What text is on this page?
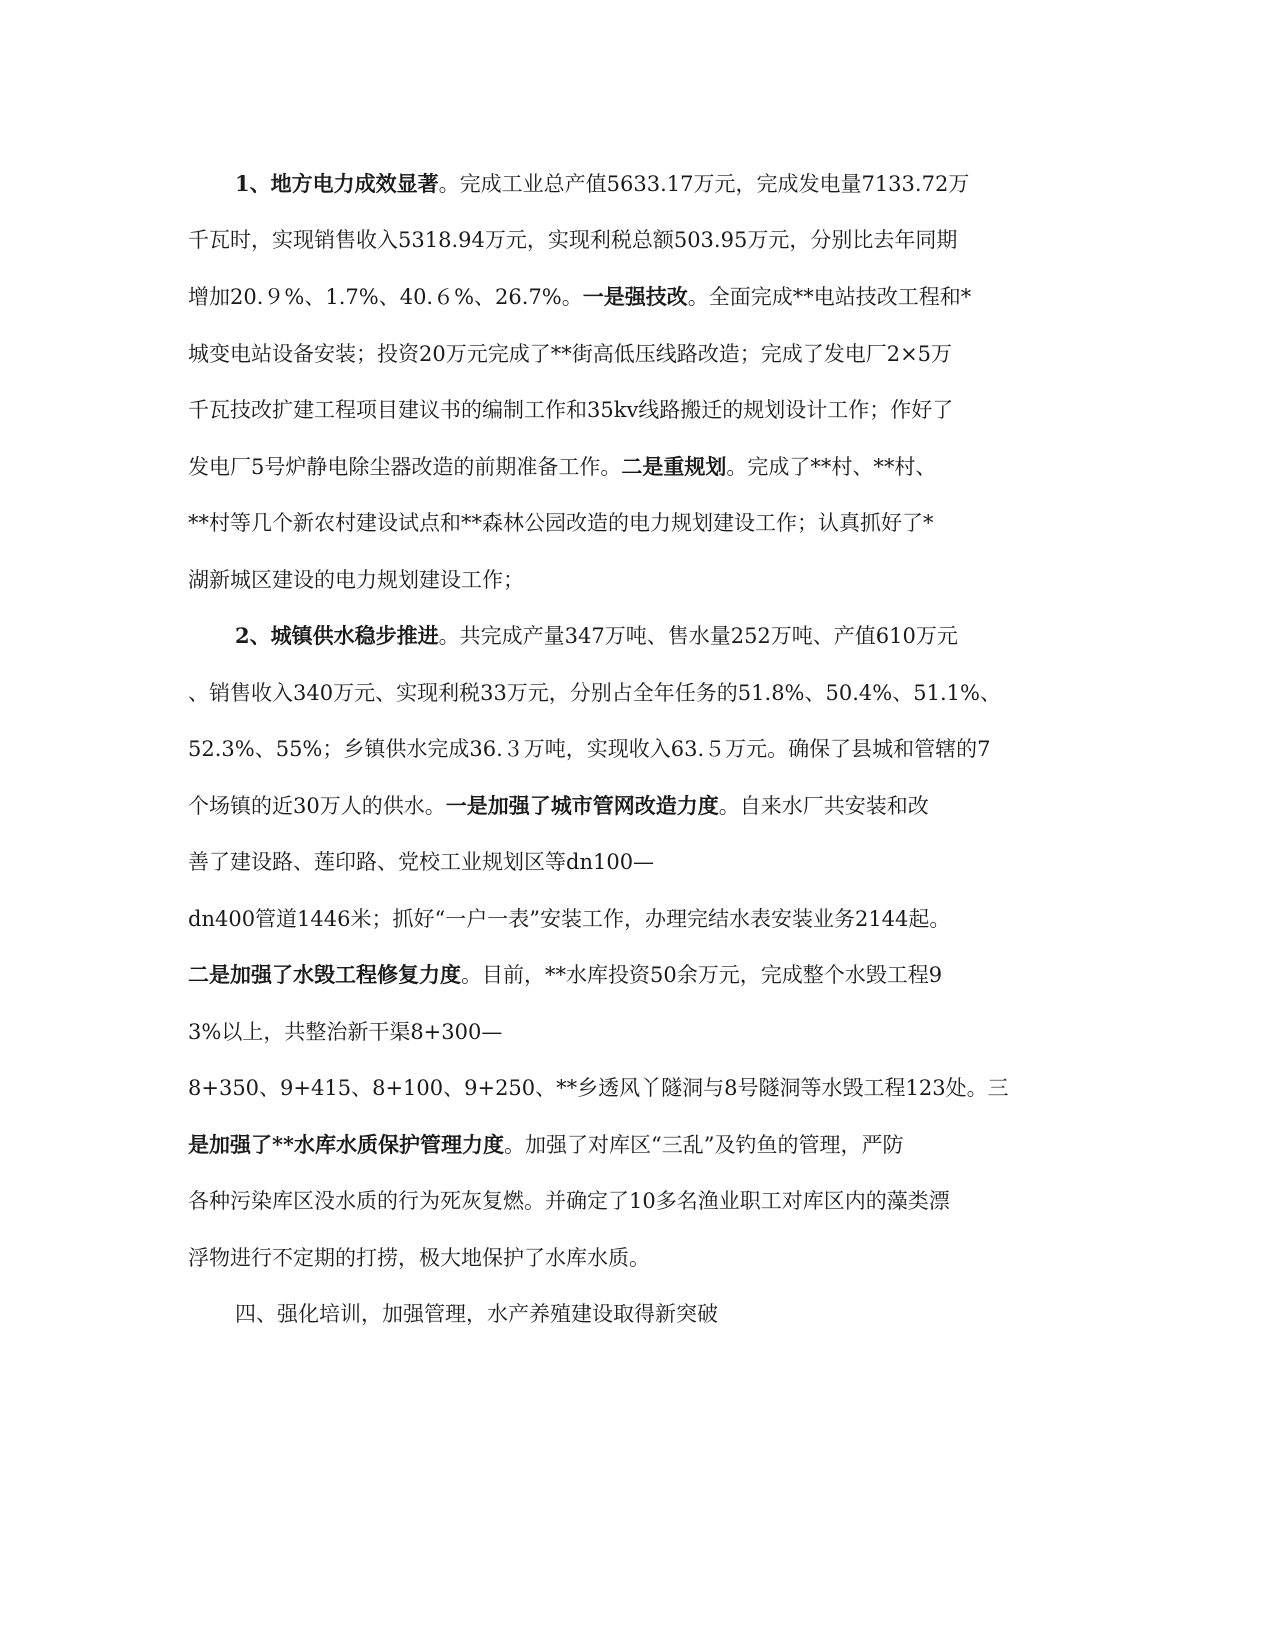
1、地方电力成效显著。完成工业总产值5633.17万元，完成发电量7133.72万
千瓦时，实现销售收入5318.94万元，实现利税总额503.95万元，分别比去年同期
增加20.９%、1.7%、40.６%、26.7%。一是强技改。全面完成**电站技改工程和*
城变电站设备安装；投资20万元完成了**街高低压线路改造；完成了发电厂2×5万
千瓦技改扩建工程项目建议书的编制工作和35kv线路搬迁的规划设计工作；作好了
发电厂5号炉静电除尘器改造的前期准备工作。二是重规划。完成了**村、**村、
**村等几个新农村建设试点和**森林公园改造的电力规划建设工作；认真抓好了*
湖新城区建设的电力规划建设工作；
2、城镇供水稳步推进。共完成产量347万吨、售水量252万吨、产值610万元
、销售收入340万元、实现利税33万元，分别占全年任务的51.8%、50.4%、51.1%、
52.3%、55%；乡镇供水完成36.３万吨，实现收入63.５万元。确保了县城和管辖的7
个场镇的近30万人的供水。一是加强了城市管网改造力度。自来水厂共安装和改
善了建设路、莲印路、党校工业规划区等dn100—
dn400管道1446米；抓好“一户一表”安装工作，办理完结水表安装业务2144起。
二是加强了水毁工程修复力度。目前，**水库投资50余万元，完成整个水毁工程9
3%以上，共整治新干渠8+300—
8+350、9+415、8+100、9+250、**乡透风丫隧洞与8号隧洞等水毁工程123处。三
是加强了**水库水质保护管理力度。加强了对库区“三乱”及钓鱼的管理，严防
各种污染库区没水质的行为死灰复燃。并确定了10多名渔业职工对库区内的藻类漂
浮物进行不定期的打捞，极大地保护了水库水质。
四、强化培训，加强管理，水产养殖建设取得新突破
